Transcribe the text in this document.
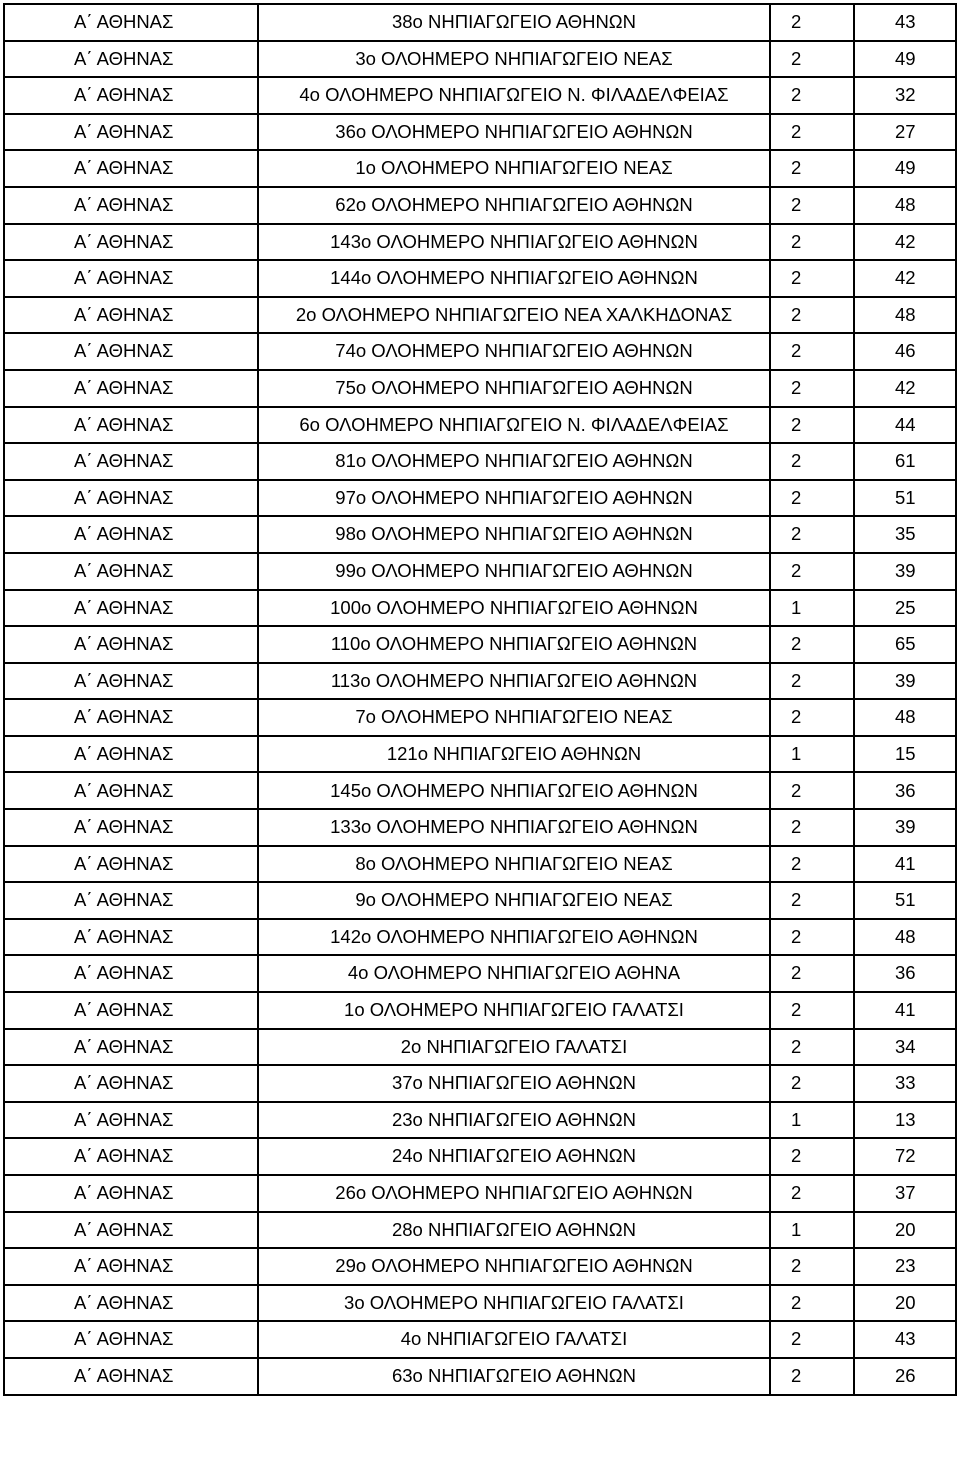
Α΄ ΑΘΗΝΑΣ	38ο ΝΗΠΙΑΓΩΓΕΙΟ ΑΘΗΝΩΝ	2	43
Α΄ ΑΘΗΝΑΣ	3ο ΟΛΟΗΜΕΡΟ ΝΗΠΙΑΓΩΓΕΙΟ ΝΕΑΣ	2	49
Α΄ ΑΘΗΝΑΣ	4ο ΟΛΟΗΜΕΡΟ ΝΗΠΙΑΓΩΓΕΙΟ Ν. ΦΙΛΑΔΕΛΦΕΙΑΣ	2	32
Α΄ ΑΘΗΝΑΣ	36ο ΟΛΟΗΜΕΡΟ ΝΗΠΙΑΓΩΓΕΙΟ ΑΘΗΝΩΝ	2	27
Α΄ ΑΘΗΝΑΣ	1ο ΟΛΟΗΜΕΡΟ ΝΗΠΙΑΓΩΓΕΙΟ ΝΕΑΣ	2	49
Α΄ ΑΘΗΝΑΣ	62ο ΟΛΟΗΜΕΡΟ ΝΗΠΙΑΓΩΓΕΙΟ ΑΘΗΝΩΝ	2	48
Α΄ ΑΘΗΝΑΣ	143ο ΟΛΟΗΜΕΡΟ ΝΗΠΙΑΓΩΓΕΙΟ ΑΘΗΝΩΝ	2	42
Α΄ ΑΘΗΝΑΣ	144ο ΟΛΟΗΜΕΡΟ ΝΗΠΙΑΓΩΓΕΙΟ ΑΘΗΝΩΝ	2	42
Α΄ ΑΘΗΝΑΣ	2ο ΟΛΟΗΜΕΡΟ ΝΗΠΙΑΓΩΓΕΙΟ ΝΕΑ ΧΑΛΚΗΔΟΝΑΣ	2	48
Α΄ ΑΘΗΝΑΣ	74ο ΟΛΟΗΜΕΡΟ ΝΗΠΙΑΓΩΓΕΙΟ ΑΘΗΝΩΝ	2	46
Α΄ ΑΘΗΝΑΣ	75ο ΟΛΟΗΜΕΡΟ ΝΗΠΙΑΓΩΓΕΙΟ ΑΘΗΝΩΝ	2	42
Α΄ ΑΘΗΝΑΣ	6ο ΟΛΟΗΜΕΡΟ ΝΗΠΙΑΓΩΓΕΙΟ Ν. ΦΙΛΑΔΕΛΦΕΙΑΣ	2	44
Α΄ ΑΘΗΝΑΣ	81ο ΟΛΟΗΜΕΡΟ ΝΗΠΙΑΓΩΓΕΙΟ ΑΘΗΝΩΝ	2	61
Α΄ ΑΘΗΝΑΣ	97ο ΟΛΟΗΜΕΡΟ ΝΗΠΙΑΓΩΓΕΙΟ ΑΘΗΝΩΝ	2	51
Α΄ ΑΘΗΝΑΣ	98ο ΟΛΟΗΜΕΡΟ ΝΗΠΙΑΓΩΓΕΙΟ ΑΘΗΝΩΝ	2	35
Α΄ ΑΘΗΝΑΣ	99ο ΟΛΟΗΜΕΡΟ ΝΗΠΙΑΓΩΓΕΙΟ ΑΘΗΝΩΝ	2	39
Α΄ ΑΘΗΝΑΣ	100ο ΟΛΟΗΜΕΡΟ ΝΗΠΙΑΓΩΓΕΙΟ ΑΘΗΝΩΝ	1	25
Α΄ ΑΘΗΝΑΣ	110ο ΟΛΟΗΜΕΡΟ ΝΗΠΙΑΓΩΓΕΙΟ ΑΘΗΝΩΝ	2	65
Α΄ ΑΘΗΝΑΣ	113ο ΟΛΟΗΜΕΡΟ ΝΗΠΙΑΓΩΓΕΙΟ ΑΘΗΝΩΝ	2	39
Α΄ ΑΘΗΝΑΣ	7ο ΟΛΟΗΜΕΡΟ ΝΗΠΙΑΓΩΓΕΙΟ ΝΕΑΣ	2	48
Α΄ ΑΘΗΝΑΣ	121ο ΝΗΠΙΑΓΩΓΕΙΟ ΑΘΗΝΩΝ	1	15
Α΄ ΑΘΗΝΑΣ	145ο ΟΛΟΗΜΕΡΟ ΝΗΠΙΑΓΩΓΕΙΟ ΑΘΗΝΩΝ	2	36
Α΄ ΑΘΗΝΑΣ	133ο ΟΛΟΗΜΕΡΟ ΝΗΠΙΑΓΩΓΕΙΟ ΑΘΗΝΩΝ	2	39
Α΄ ΑΘΗΝΑΣ	8ο ΟΛΟΗΜΕΡΟ ΝΗΠΙΑΓΩΓΕΙΟ ΝΕΑΣ	2	41
Α΄ ΑΘΗΝΑΣ	9ο ΟΛΟΗΜΕΡΟ ΝΗΠΙΑΓΩΓΕΙΟ ΝΕΑΣ	2	51
Α΄ ΑΘΗΝΑΣ	142ο ΟΛΟΗΜΕΡΟ ΝΗΠΙΑΓΩΓΕΙΟ ΑΘΗΝΩΝ	2	48
Α΄ ΑΘΗΝΑΣ	4ο ΟΛΟΗΜΕΡΟ ΝΗΠΙΑΓΩΓΕΙΟ ΑΘΗΝΑ	2	36
Α΄ ΑΘΗΝΑΣ	1ο ΟΛΟΗΜΕΡΟ ΝΗΠΙΑΓΩΓΕΙΟ ΓΑΛΑΤΣΙ	2	41
Α΄ ΑΘΗΝΑΣ	2ο ΝΗΠΙΑΓΩΓΕΙΟ ΓΑΛΑΤΣΙ	2	34
Α΄ ΑΘΗΝΑΣ	37ο ΝΗΠΙΑΓΩΓΕΙΟ ΑΘΗΝΩΝ	2	33
Α΄ ΑΘΗΝΑΣ	23ο ΝΗΠΙΑΓΩΓΕΙΟ ΑΘΗΝΩΝ	1	13
Α΄ ΑΘΗΝΑΣ	24ο ΝΗΠΙΑΓΩΓΕΙΟ ΑΘΗΝΩΝ	2	72
Α΄ ΑΘΗΝΑΣ	26ο ΟΛΟΗΜΕΡΟ ΝΗΠΙΑΓΩΓΕΙΟ ΑΘΗΝΩΝ	2	37
Α΄ ΑΘΗΝΑΣ	28ο ΝΗΠΙΑΓΩΓΕΙΟ ΑΘΗΝΩΝ	1	20
Α΄ ΑΘΗΝΑΣ	29ο ΟΛΟΗΜΕΡΟ ΝΗΠΙΑΓΩΓΕΙΟ ΑΘΗΝΩΝ	2	23
Α΄ ΑΘΗΝΑΣ	3ο ΟΛΟΗΜΕΡΟ ΝΗΠΙΑΓΩΓΕΙΟ ΓΑΛΑΤΣΙ	2	20
Α΄ ΑΘΗΝΑΣ	4ο ΝΗΠΙΑΓΩΓΕΙΟ ΓΑΛΑΤΣΙ	2	43
Α΄ ΑΘΗΝΑΣ	63ο ΝΗΠΙΑΓΩΓΕΙΟ ΑΘΗΝΩΝ	2	26
